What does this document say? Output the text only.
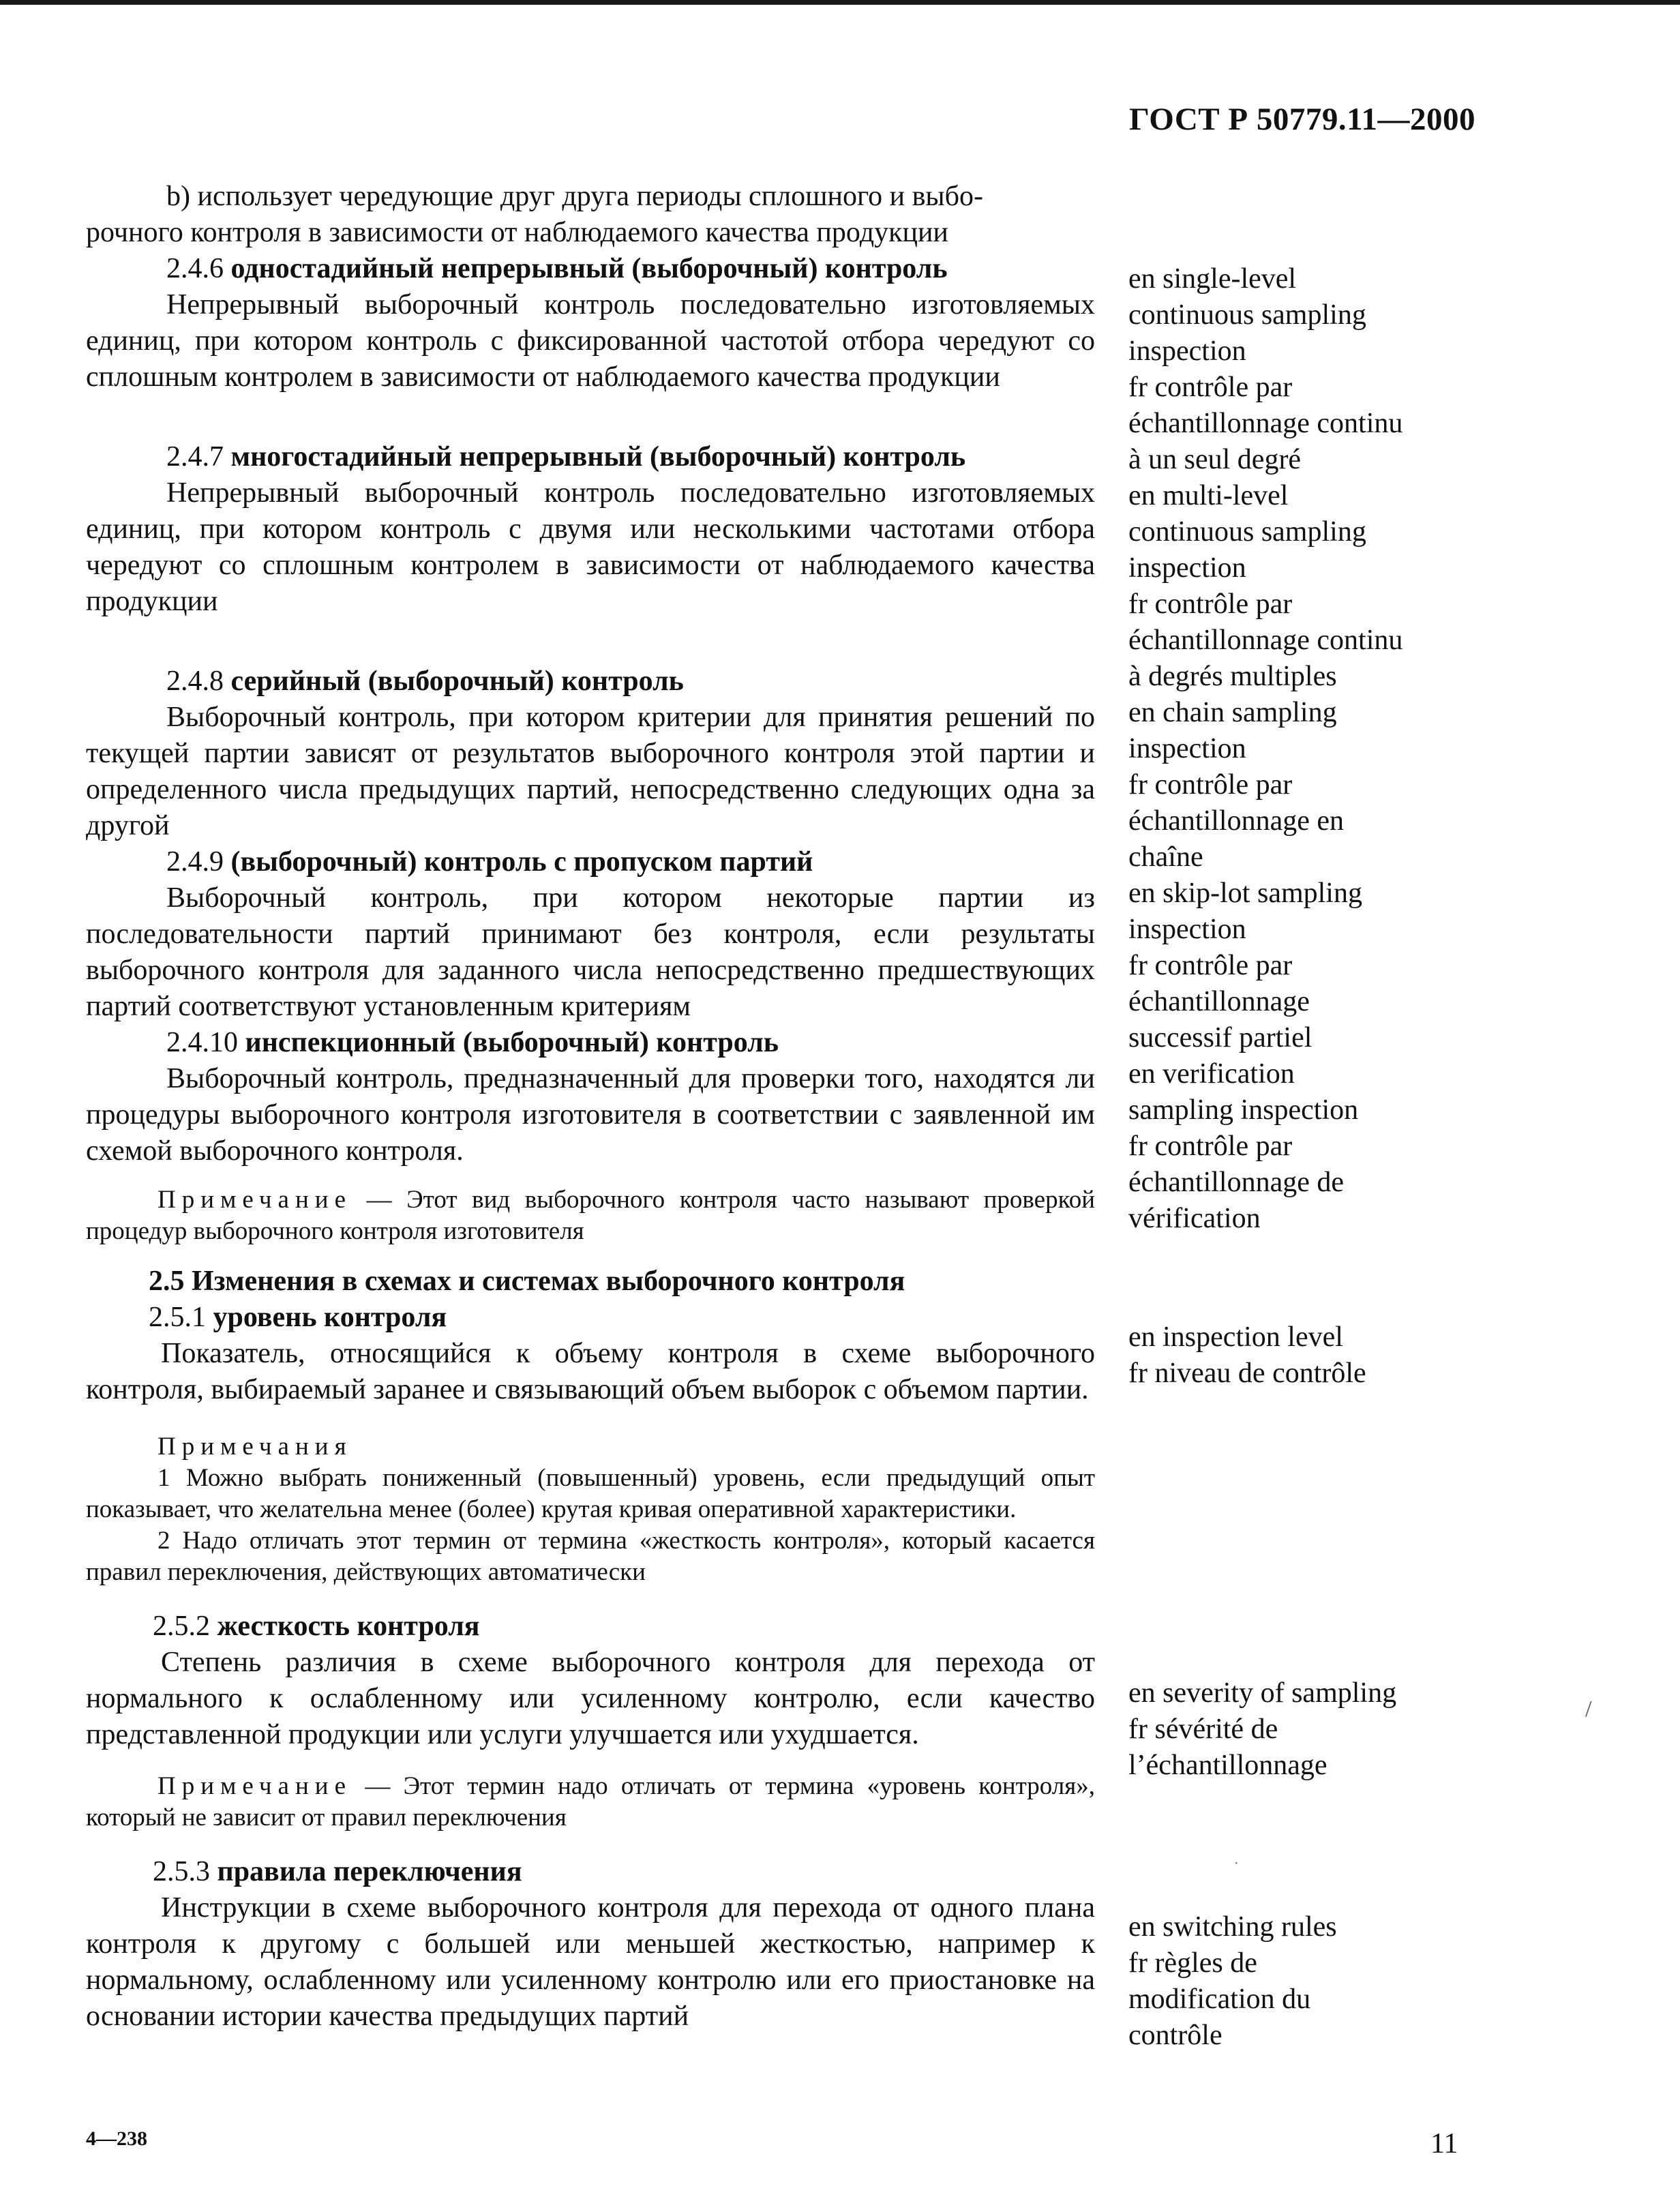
ГОСТ Р 50779.11—2000

b) использует чередующие друг друга периоды сплошного и выбо-

рочного контроля в зависимости от наблюдаемого качества продукции

2.4.6 одностадийный непрерывный (выборочный) контроль

Непрерывный выборочный контроль последовательно изготовляемых единиц, при котором контроль с фиксированной частотой отбора чередуют со сплошным контролем в зависимости от наблюдаемого качества продукции

2.4.7 многостадийный непрерывный (выборочный) контроль

Непрерывный выборочный контроль последовательно изготовляемых единиц, при котором контроль с двумя или несколькими частотами отбора чередуют со сплошным контролем в зависимости от наблюдаемого качества продукции

2.4.8 серийный (выборочный) контроль

Выборочный контроль, при котором критерии для принятия решений по текущей партии зависят от результатов выборочного контроля этой партии и определенного числа предыдущих партий, непосредственно следующих одна за другой

2.4.9 (выборочный) контроль с пропуском партий

Выборочный контроль, при котором некоторые партии из последовательности партий принимают без контроля, если результаты выборочного контроля для заданного числа непосредственно предшествующих партий соответствуют установленным критериям

2.4.10 инспекционный (выборочный) контроль

Выборочный контроль, предназначенный для проверки того, находятся ли процедуры выборочного контроля изготовителя в соответствии с заявленной им схемой выборочного контроля.

Примечание — Этот вид выборочного контроля часто называют проверкой процедур выборочного контроля изготовителя

2.5 Изменения в схемах и системах выборочного контроля

2.5.1 уровень контроля

Показатель, относящийся к объему контроля в схеме выборочного контроля, выбираемый заранее и связывающий объем выборок с объемом партии.

Примечания

1 Можно выбрать пониженный (повышенный) уровень, если предыдущий опыт показывает, что желательна менее (более) крутая кривая оперативной характеристики.

2 Надо отличать этот термин от термина «жесткость контроля», который касается правил переключения, действующих автоматически

2.5.2 жесткость контроля

Степень различия в схеме выборочного контроля для перехода от нормального к ослабленному или усиленному контролю, если качество представленной продукции или услуги улучшается или ухудшается.

Примечание — Этот термин надо отличать от термина «уровень контроля», который не зависит от правил переключения

2.5.3 правила переключения

Инструкции в схеме выборочного контроля для перехода от одного плана контроля к другому с большей или меньшей жесткостью, например к нормальному, ослабленному или усиленному контролю или его приостановке на основании истории качества предыдущих партий

en single-level
continuous sampling
inspection
fr contrôle par
échantillonnage continu
à un seul degré
en multi-level
continuous sampling
inspection
fr contrôle par
échantillonnage continu
à degrés multiples
en chain sampling
inspection
fr contrôle par
échantillonnage en
chaîne
en skip-lot sampling
inspection
fr contrôle par
échantillonnage
successif partiel
en verification
sampling inspection
fr contrôle par
échantillonnage de
vérification
en inspection level
fr niveau de contrôle
en severity of sampling
fr sévérité de
l’échantillonnage
en switching rules
fr règles de
modification du
contrôle
/
·
4—238	11
